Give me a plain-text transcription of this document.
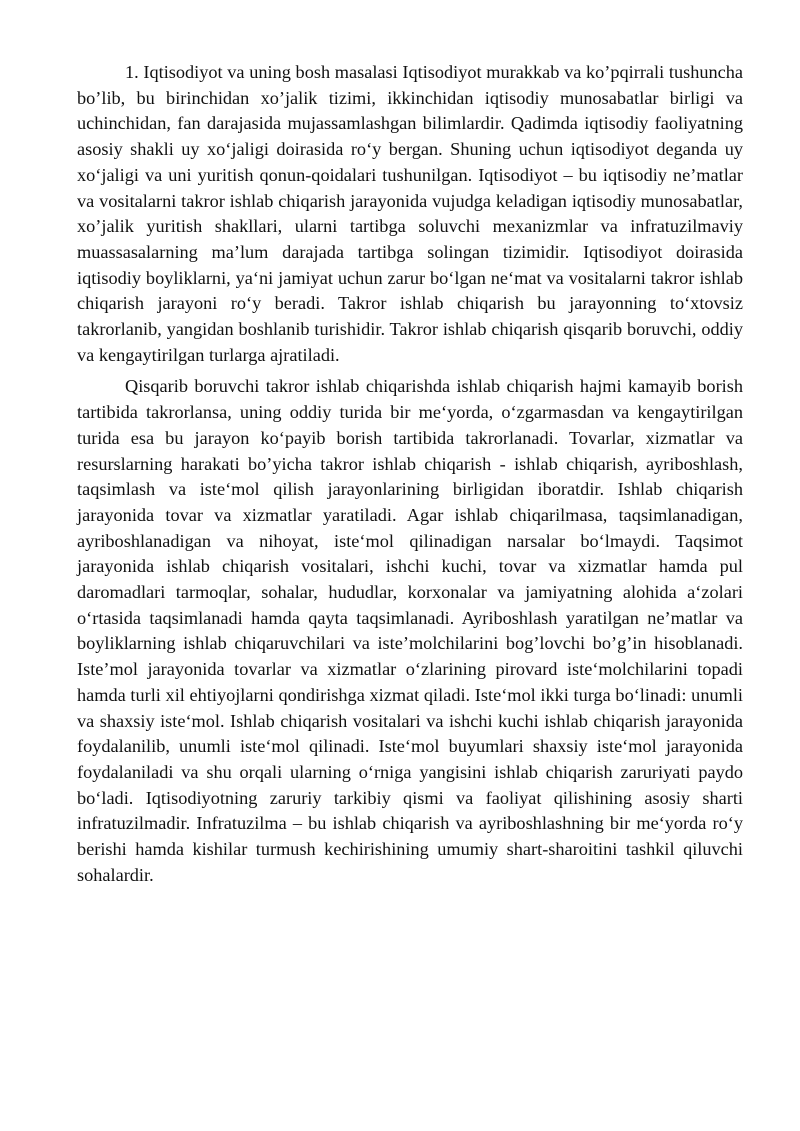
1. Iqtisodiyot va uning bosh masalasi Iqtisodiyot murakkab va ko’pqirrali tushuncha bo’lib, bu birinchidan xo’jalik tizimi, ikkinchidan iqtisodiy munosabatlar birligi va uchinchidan, fan darajasida mujassamlashgan bilimlardir. Qadimda iqtisodiy faoliyatning asosiy shakli uy xoʻjaligi doirasida roʻy bergan. Shuning uchun iqtisodiyot deganda uy xoʻjaligi va uni yuritish qonun-qoidalari tushunilgan. Iqtisodiyot – bu iqtisodiy ne’matlar va vositalarni takror ishlab chiqarish jarayonida vujudga keladigan iqtisodiy munosabatlar, xo’jalik yuritish shakllari, ularni tartibga soluvchi mexanizmlar va infratuzilmaviy muassasalarning ma’lum darajada tartibga solingan tizimidir. Iqtisodiyot doirasida iqtisodiy boyliklarni, yaʻni jamiyat uchun zarur boʻlgan neʻmat va vositalarni takror ishlab chiqarish jarayoni roʻy beradi. Takror ishlab chiqarish bu jarayonning toʻxtovsiz takrorlanib, yangidan boshlanib turishidir. Takror ishlab chiqarish qisqarib boruvchi, oddiy va kengaytirilgan turlarga ajratiladi.

Qisqarib boruvchi takror ishlab chiqarishda ishlab chiqarish hajmi kamayib borish tartibida takrorlansa, uning oddiy turida bir meʻyorda, oʻzgarmasdan va kengaytirilgan turida esa bu jarayon koʻpayib borish tartibida takrorlanadi. Tovarlar, xizmatlar va resurslarning harakati bo’yicha takror ishlab chiqarish - ishlab chiqarish, ayriboshlash, taqsimlash va isteʻmol qilish jarayonlarining birligidan iboratdir. Ishlab chiqarish jarayonida tovar va xizmatlar yaratiladi. Agar ishlab chiqarilmasa, taqsimlanadigan, ayriboshlanadigan va nihoyat, isteʻmol qilinadigan narsalar boʻlmaydi. Taqsimot jarayonida ishlab chiqarish vositalari, ishchi kuchi, tovar va xizmatlar hamda pul daromadlari tarmoqlar, sohalar, hududlar, korxonalar va jamiyatning alohida aʻzolari oʻrtasida taqsimlanadi hamda qayta taqsimlanadi. Ayriboshlash yaratilgan ne’matlar va boyliklarning ishlab chiqaruvchilari va iste’molchilarini bog’lovchi bo’g’in hisoblanadi. Iste’mol jarayonida tovarlar va xizmatlar oʻzlarining pirovard isteʻmolchilarini topadi hamda turli xil ehtiyojlarni qondirishga xizmat qiladi. Isteʻmol ikki turga boʻlinadi: unumli va shaxsiy isteʻmol. Ishlab chiqarish vositalari va ishchi kuchi ishlab chiqarish jarayonida foydalanilib, unumli isteʻmol qilinadi. Isteʻmol buyumlari shaxsiy isteʻmol jarayonida foydalaniladi va shu orqali ularning oʻrniga yangisini ishlab chiqarish zaruriyati paydo boʻladi. Iqtisodiyotning zaruriy tarkibiy qismi va faoliyat qilishining asosiy sharti infratuzilmadir. Infratuzilma – bu ishlab chiqarish va ayriboshlashning bir meʻyorda roʻy berishi hamda kishilar turmush kechirishining umumiy shart-sharoitini tashkil qiluvchi sohalardir.
